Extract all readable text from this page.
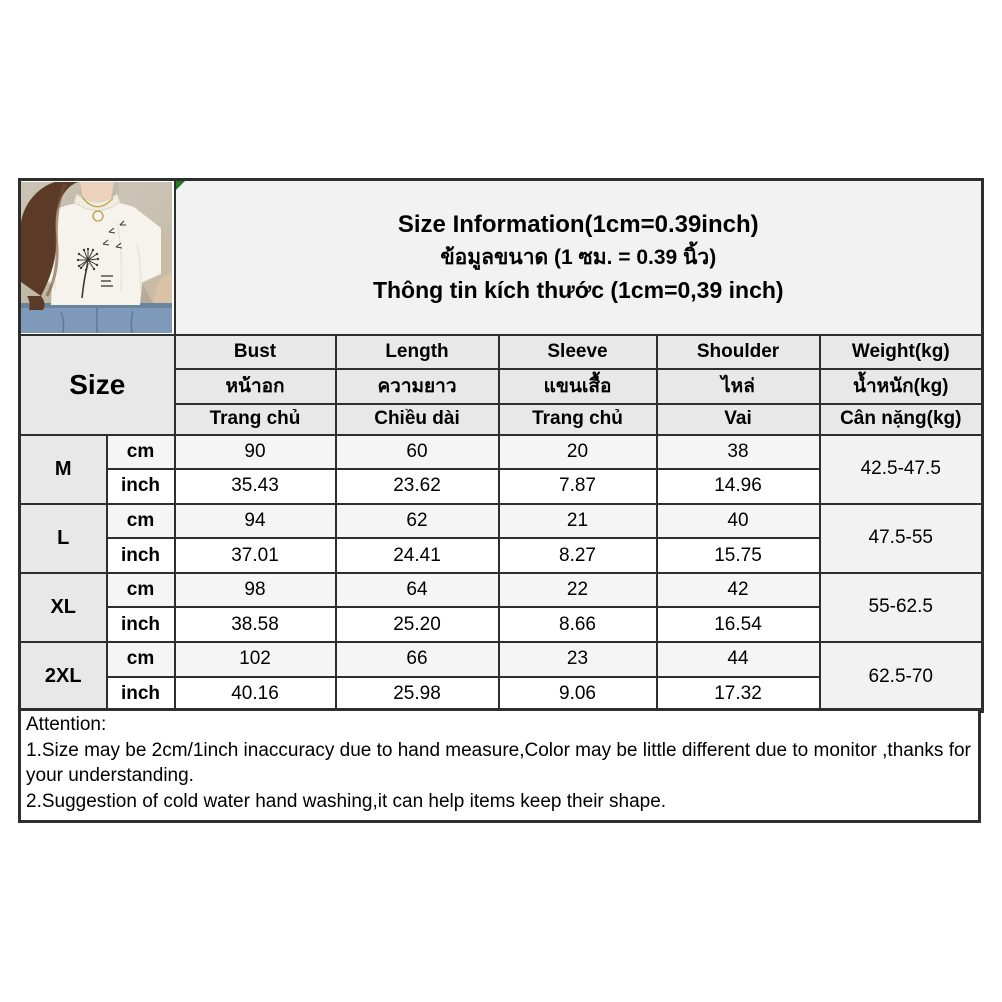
Size Information(1cm=0.39inch)
ข้อมูลขนาด (1 ซม. = 0.39 นิ้ว)
Thông tin kích thước (1cm=0,39 inch)				

Size		Bust	Length	Sleeve	Shoulder	Weight(kg)
		หน้าอก	ความยาว	แขนเสื้อ	ไหล่	น้ำหนัก(kg)
		Trang chủ	Chiều dài	Trang chủ	Vai	Cân nặng(kg)
M	cm	90	60	20	38	42.5-47.5
	inch	35.43	23.62	7.87	14.96	
L	cm	94	62	21	40	47.5-55
	inch	37.01	24.41	8.27	15.75	
XL	cm	98	64	22	42	55-62.5
	inch	38.58	25.20	8.66	16.54	
2XL	cm	102	66	23	44	62.5-70
	inch	40.16	25.98	9.06	17.32	

Attention:

1.Size may be 2cm/1inch inaccuracy due to hand measure,Color may be little different due to monitor ,thanks for your understanding.

2.Suggestion of cold water hand washing,it can help items keep their shape.
